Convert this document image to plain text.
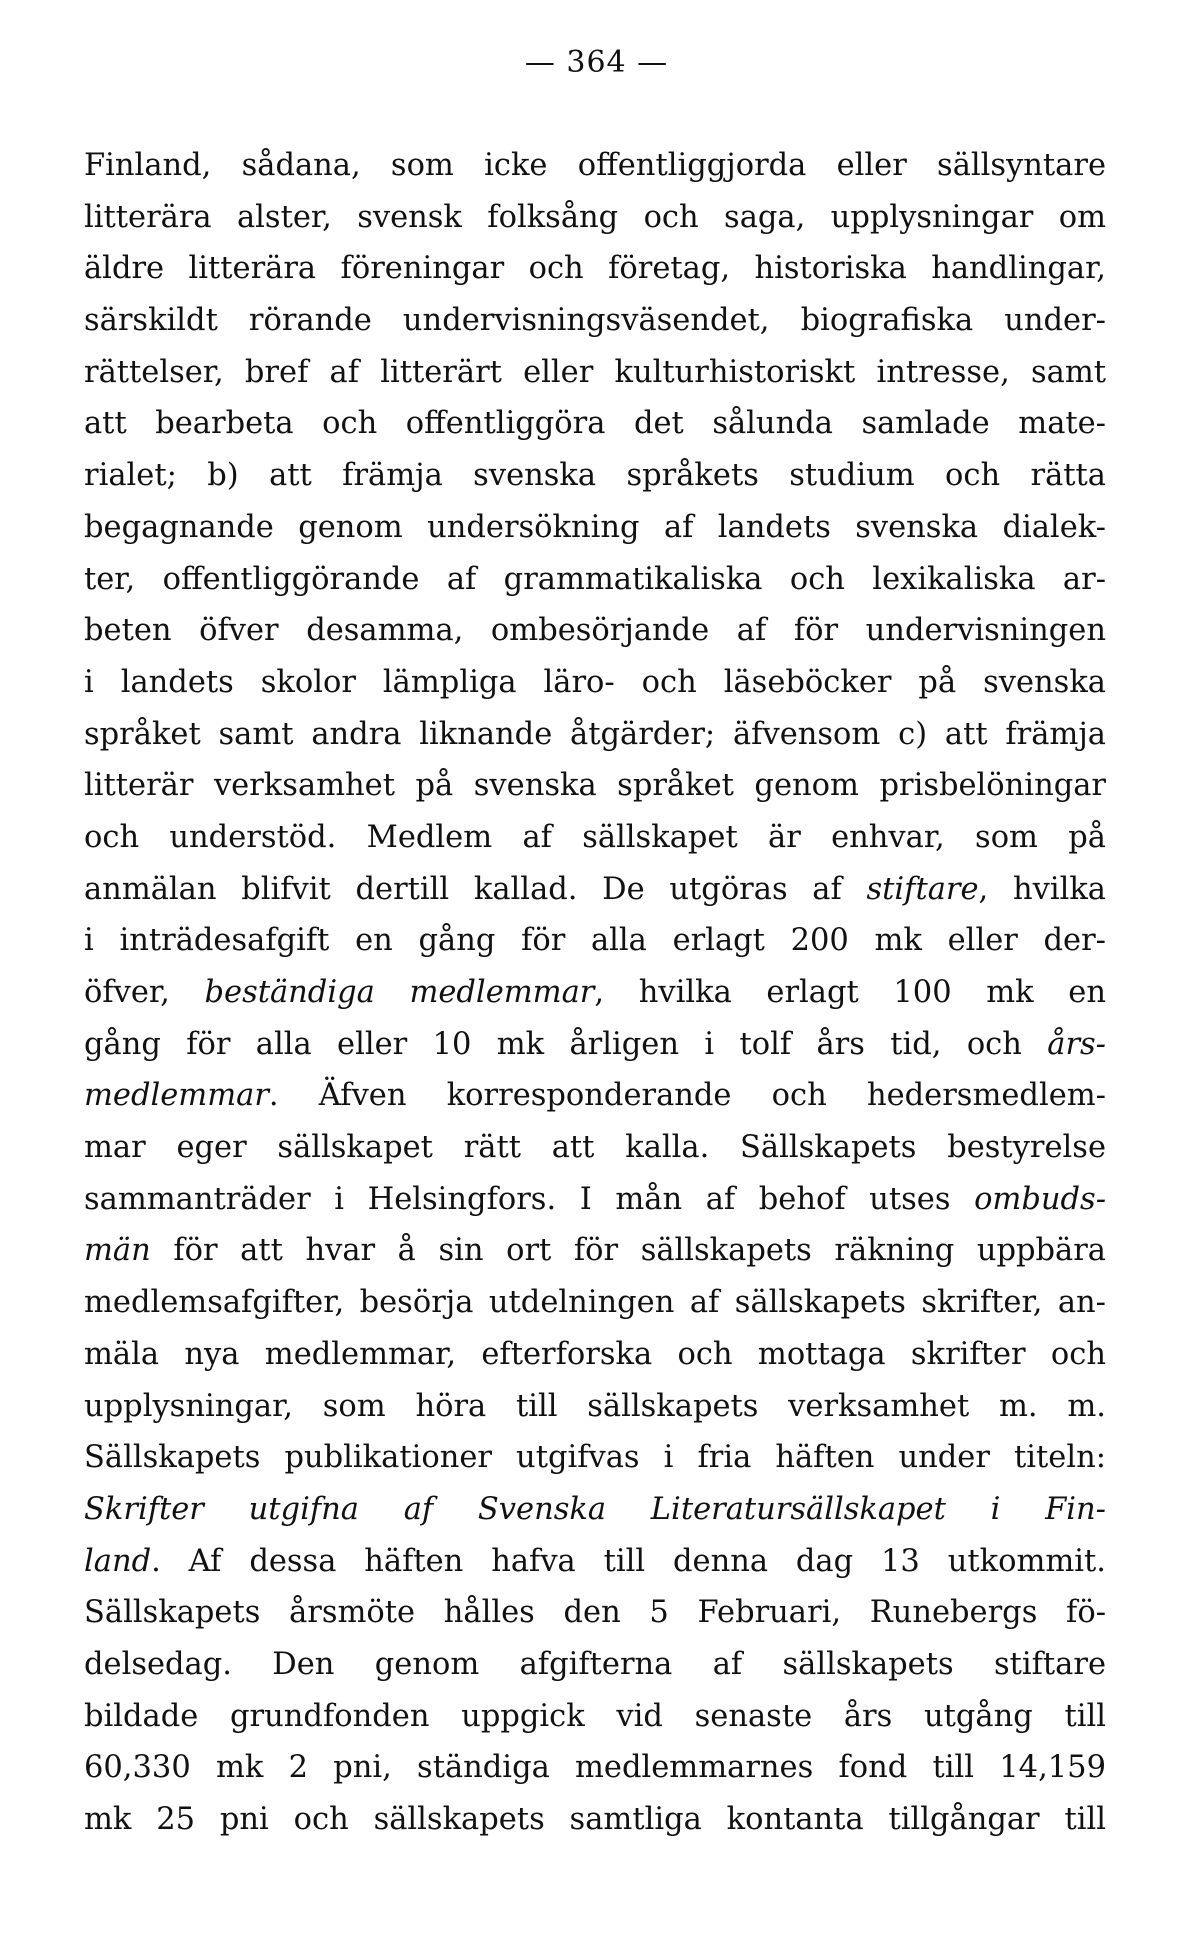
— 364 —
Finland, sådana, som icke offentliggjorda eller sällsyntare
litterära alster, svensk folksång och saga, upplysningar om
äldre litterära föreningar och företag, historiska handlingar,
särskildt rörande undervisningsväsendet, biografiska under-
rättelser, bref af litterärt eller kulturhistoriskt intresse, samt
att bearbeta och offentliggöra det sålunda samlade mate-
rialet; b) att främja svenska språkets studium och rätta
begagnande genom undersökning af landets svenska dialek-
ter, offentliggörande af grammatikaliska och lexikaliska ar-
beten öfver desamma, ombesörjande af för undervisningen
i landets skolor lämpliga läro- och läseböcker på svenska
språket samt andra liknande åtgärder; äfvensom c) att främja
litterär verksamhet på svenska språket genom prisbelöningar
och understöd. Medlem af sällskapet är enhvar, som på
anmälan blifvit dertill kallad. De utgöras af stiftare, hvilka
i inträdesafgift en gång för alla erlagt 200 mk eller der-
öfver, beständiga medlemmar, hvilka erlagt 100 mk en
gång för alla eller 10 mk årligen i tolf års tid, och års-
medlemmar. Äfven korresponderande och hedersmedlem-
mar eger sällskapet rätt att kalla. Sällskapets bestyrelse
sammanträder i Helsingfors. I mån af behof utses ombuds-
män för att hvar å sin ort för sällskapets räkning uppbära
medlemsafgifter, besörja utdelningen af sällskapets skrifter, an-
mäla nya medlemmar, efterforska och mottaga skrifter och
upplysningar, som höra till sällskapets verksamhet m. m.
Sällskapets publikationer utgifvas i fria häften under titeln:
Skrifter utgifna af Svenska Literatursällskapet i Fin-
land. Af dessa häften hafva till denna dag 13 utkommit.
Sällskapets årsmöte hålles den 5 Februari, Runebergs fö-
delsedag. Den genom afgifterna af sällskapets stiftare
bildade grundfonden uppgick vid senaste års utgång till
60,330 mk 2 pni, ständiga medlemmarnes fond till 14,159
mk 25 pni och sällskapets samtliga kontanta tillgångar till
